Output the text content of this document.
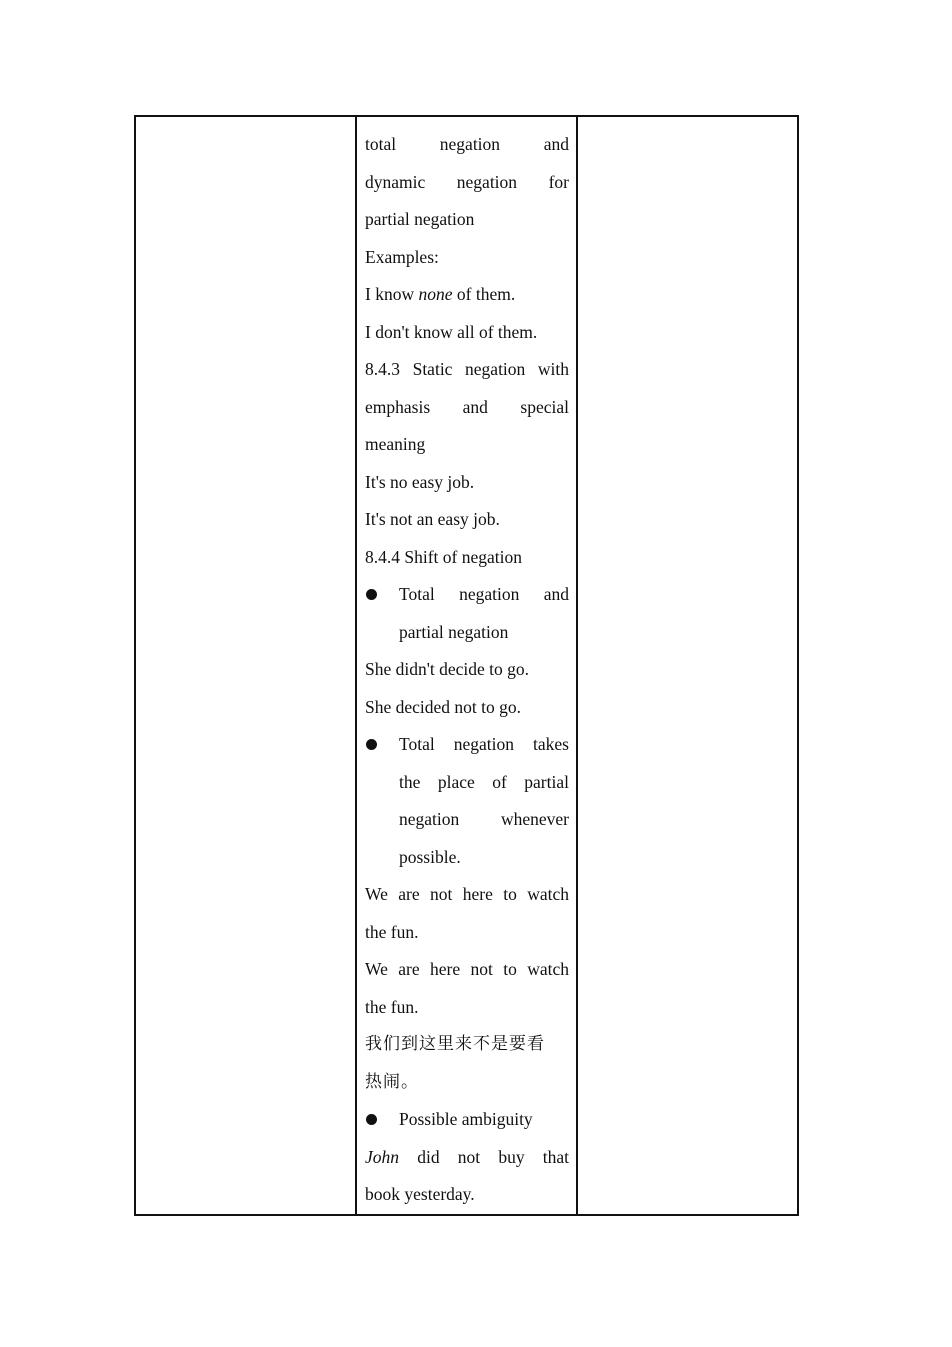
total negation and

dynamic negation for

partial negation

Examples:

I know none of them.

I don't know all of them.

8.4.3 Static negation with

emphasis and special

meaning

It's no easy job.

It's not an easy job.

8.4.4 Shift of negation

Total negation and
partial negation

She didn't decide to go.

She decided not to go.

Total negation takes
the place of partial
negation whenever
possible.

We are not here to watch

the fun.

We are here not to watch

the fun.

我们到这里来不是要看

热闹。

Possible ambiguity

John did not buy that

book yesterday.
